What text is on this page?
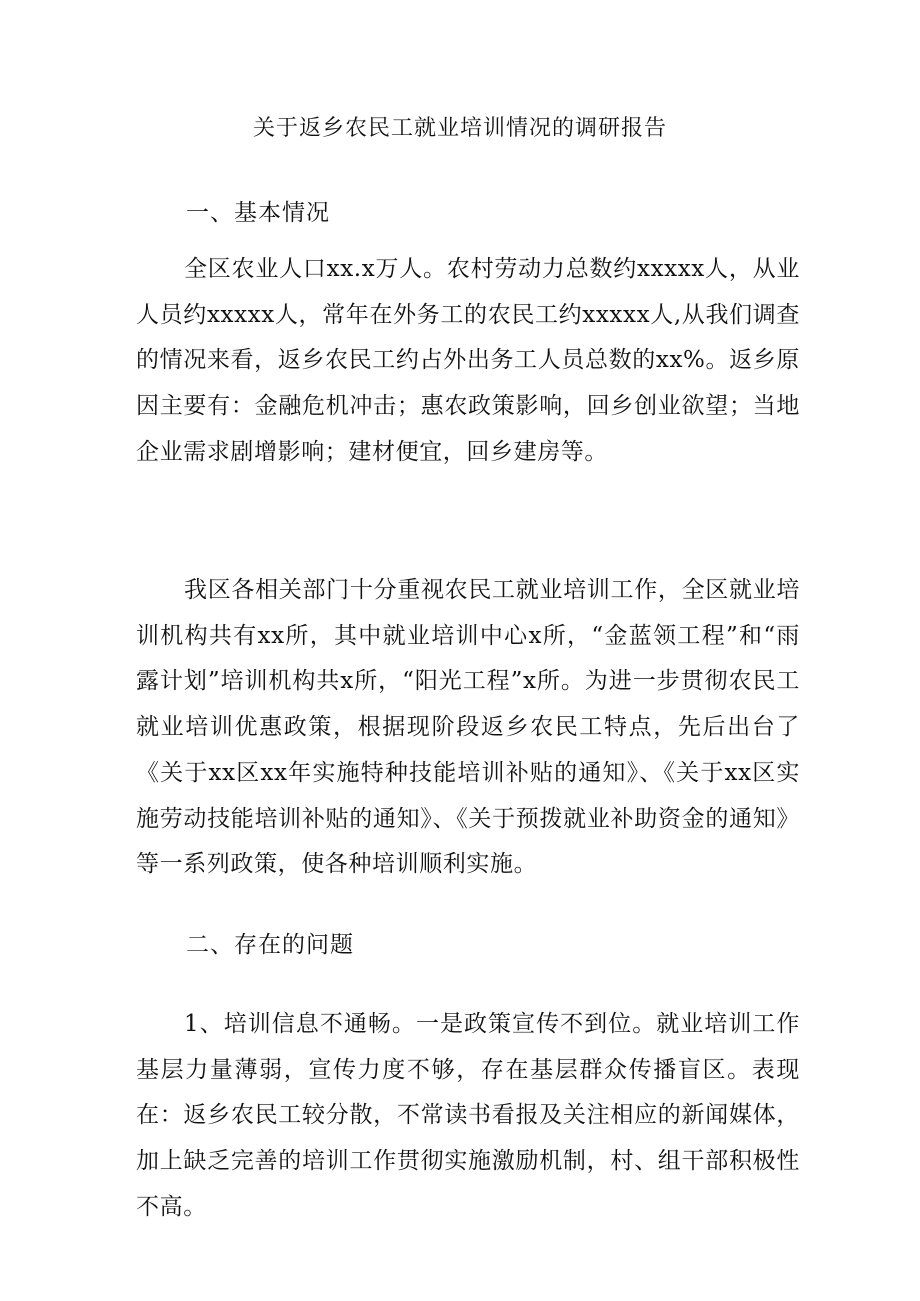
关于返乡农民工就业培训情况的调研报告
一、基本情况

全区农业人口xx.x万人。农村劳动力总数约xxxxx人，从业人员约xxxxx人，常年在外务工的农民工约xxxxx人,从我们调查的情况来看，返乡农民工约占外出务工人员总数的xx%。返乡原因主要有：金融危机冲击；惠农政策影响，回乡创业欲望；当地企业需求剧增影响；建材便宜，回乡建房等。

我区各相关部门十分重视农民工就业培训工作，全区就业培训机构共有xx所，其中就业培训中心x所，“金蓝领工程”和“雨露计划”培训机构共x所，“阳光工程”x所。为进一步贯彻农民工就业培训优惠政策，根据现阶段返乡农民工特点，先后出台了《关于xx区xx年实施特种技能培训补贴的通知》、《关于xx区实施劳动技能培训补贴的通知》、《关于预拨就业补助资金的通知》等一系列政策，使各种培训顺利实施。

二、存在的问题

1、培训信息不通畅。一是政策宣传不到位。就业培训工作基层力量薄弱，宣传力度不够，存在基层群众传播盲区。表现在：返乡农民工较分散，不常读书看报及关注相应的新闻媒体，加上缺乏完善的培训工作贯彻实施激励机制，村、组干部积极性不高。
